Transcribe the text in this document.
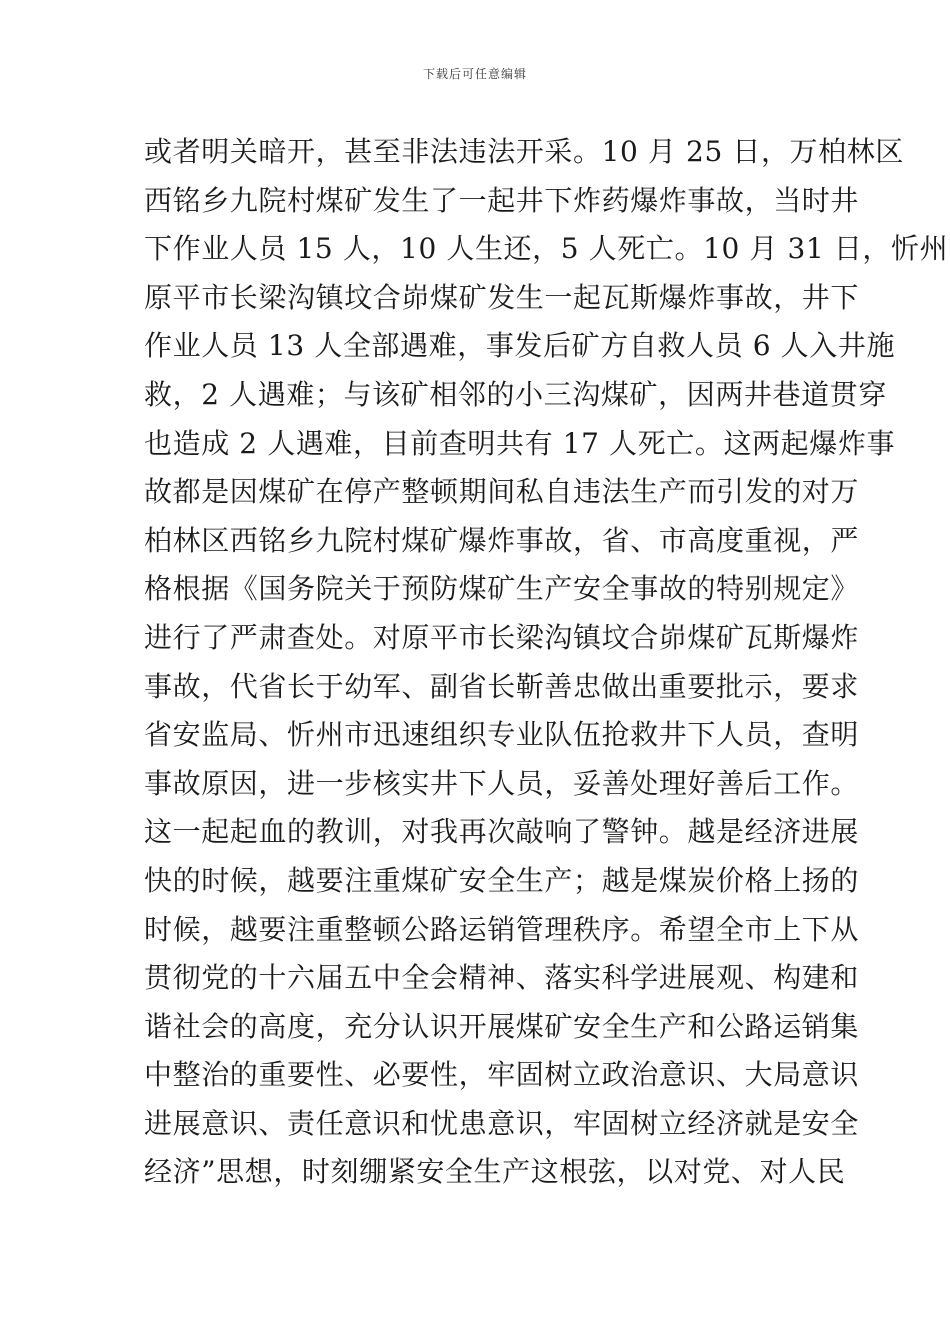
下载后可任意编辑
或者明关暗开，甚至非法违法开采。10 月 25 日，万柏林区
西铭乡九院村煤矿发生了一起井下炸药爆炸事故，当时井
下作业人员 15 人，10 人生还，5 人死亡。10 月 31 日，忻州
原平市长梁沟镇坟合峁煤矿发生一起瓦斯爆炸事故，井下
作业人员 13 人全部遇难，事发后矿方自救人员 6 人入井施
救，2 人遇难；与该矿相邻的小三沟煤矿，因两井巷道贯穿
也造成 2 人遇难，目前查明共有 17 人死亡。这两起爆炸事
故都是因煤矿在停产整顿期间私自违法生产而引发的对万
柏林区西铭乡九院村煤矿爆炸事故，省、市高度重视，严
格根据《国务院关于预防煤矿生产安全事故的特别规定》
进行了严肃查处。对原平市长梁沟镇坟合峁煤矿瓦斯爆炸
事故，代省长于幼军、副省长靳善忠做出重要批示，要求
省安监局、忻州市迅速组织专业队伍抢救井下人员，查明
事故原因，进一步核实井下人员，妥善处理好善后工作。
这一起起血的教训，对我再次敲响了警钟。越是经济进展
快的时候，越要注重煤矿安全生产；越是煤炭价格上扬的
时候，越要注重整顿公路运销管理秩序。希望全市上下从
贯彻党的十六届五中全会精神、落实科学进展观、构建和
谐社会的高度，充分认识开展煤矿安全生产和公路运销集
中整治的重要性、必要性，牢固树立政治意识、大局意识
进展意识、责任意识和忧患意识，牢固树立经济就是安全
经济”思想，时刻绷紧安全生产这根弦，以对党、对人民
